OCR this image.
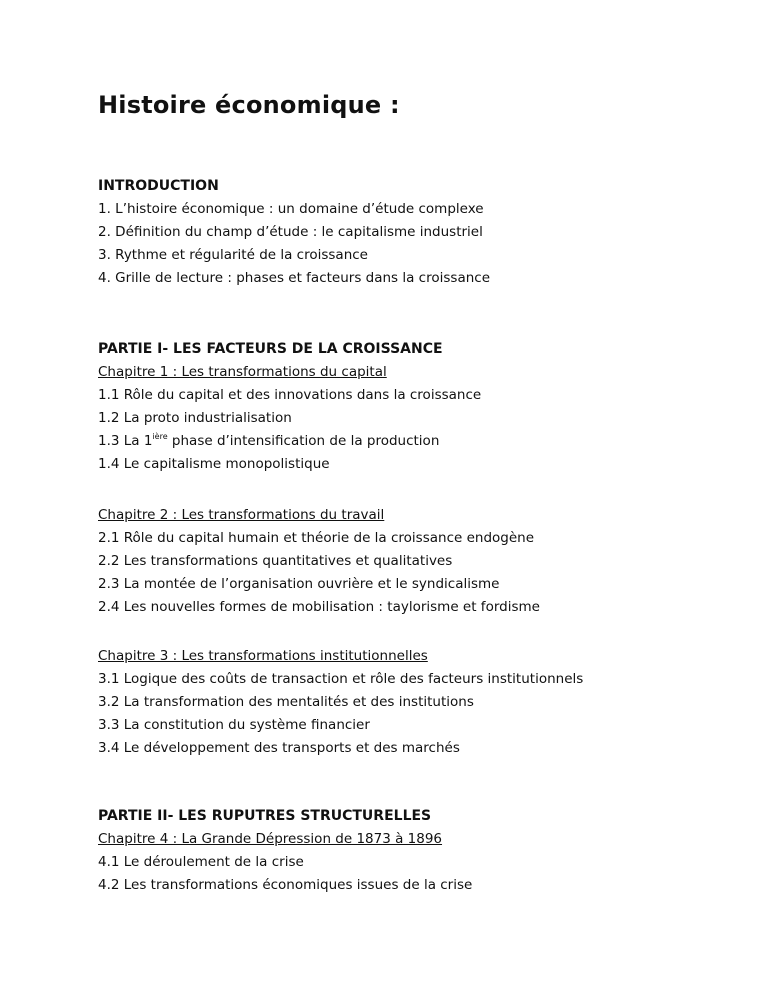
Histoire économique :
INTRODUCTION
1. L’histoire économique : un domaine d’étude complexe
2. Définition du champ d’étude : le capitalisme industriel
3. Rythme et régularité de la croissance
4. Grille de lecture : phases et facteurs dans la croissance
PARTIE I- LES FACTEURS DE LA CROISSANCE
Chapitre 1 : Les transformations du capital
1.1 Rôle du capital et des innovations dans la croissance
1.2 La proto industrialisation
1.3 La $1^{ière}$ phase d’intensification de la production
1.4 Le capitalisme monopolistique
Chapitre 2 : Les transformations du travail
2.1 Rôle du capital humain et théorie de la croissance endogène
2.2 Les transformations quantitatives et qualitatives
2.3 La montée de l’organisation ouvrière et le syndicalisme
2.4 Les nouvelles formes de mobilisation : taylorisme et fordisme
Chapitre 3 : Les transformations institutionnelles
3.1 Logique des coûts de transaction et rôle des facteurs institutionnels
3.2 La transformation des mentalités et des institutions
3.3 La constitution du système financier
3.4 Le développement des transports et des marchés
PARTIE II- LES RUPUTRES STRUCTURELLES
Chapitre 4 : La Grande Dépression de 1873 à 1896
4.1 Le déroulement de la crise
4.2 Les transformations économiques issues de la crise
